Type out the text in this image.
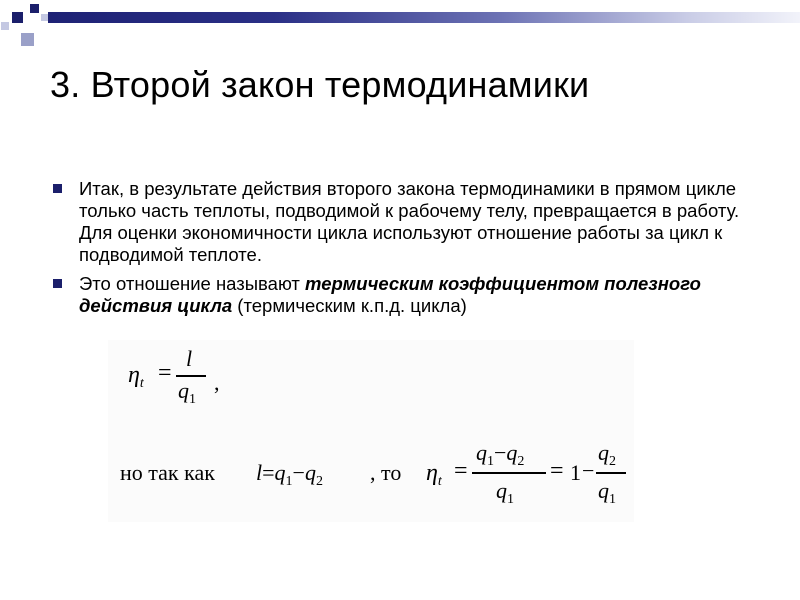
3. Второй закон термодинамики
Итак, в результате действия второго закона термодинамики в прямом цикле только часть теплоты, подводимой к рабочему телу, превращается в работу. Для оценки экономичности цикла используют отношение работы за цикл к подводимой теплоте.
Это отношение называют термическим коэффициентом полезного действия цикла (термическим к.п.д. цикла)
$\eta_t$ =
l
$q_1$
,
но так как $l=q_1-q_2$ , то $\eta_t$ =
$q_1-q_2$
$q_1$
= 1 −
$q_2$
$q_1$
